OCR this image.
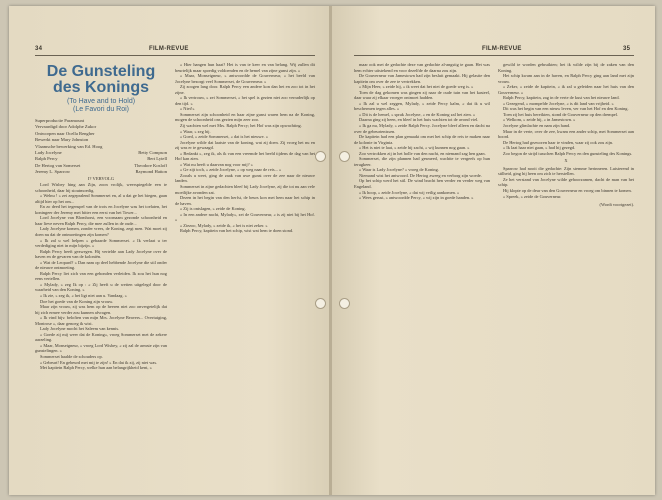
34	FILM-REVUE
De Gunsteling
des Konings
(To Have and to Hold)
(Le Favori du Roi)
Superproductie Paramount
Vervaardigd door Adolphe Zukor
Ontworpen naar Ocella Rengher
Bewerkt naar Mary Johnston
Vlaamsche bewerking van Ed. Hoog
Lady Jocelyne	Betty Compson
Ralph Percy	Bert Lytell
De Hertog van Somerset	Theodore Kosloff
Jeremy L. Sparrow	Raymond Hatton
I? VERVOLG

Lord Wisbey hing aan Zijn, zoon vrolijk, weerspiegelde een te schoonheid, daar hij stoutmoedig.

« Welnu ! » zei zegepralend Sommerset en, al u dat ge het biegen, gaan altijd hier op het ons...

En zo deed het tegenspel van de trots en Jocelyne was het toelaten, het koningeer der Jeremy met bitter een eerst van het Tower...

Lord Jocelyne van Blomhorst, een voornaam gezonde schoonheid en haar lieve neven Ralph Percy, die mee zullen in de oude...

Lady Jocelyne komen, zonder vrees, de Koning, zegt men. Wat moet zij doen nu dat de ontmoetingen zijn komen?

« Ik zal u wel helpen » gebaarde Sommerset. « Ik verlaat u ter verdediging niet in mijn bijzijn. »

Ralph Percy heeft gezwegen. Hij vertelde aan Lady Jocelyne over de haven en de gevaren van de koloniën.

« Wat de Leopard? » Dan nam op deel hebbende Jocelyne die stil onder de nieuwe ontmoeting.

Ralph Percy liet zich van een gebonden verleiden. Ik zou het hun nog eens vertellen.

« Mylady, » zeg Ik op : « Zij heeft u de wetten uitgelegd door de waarheid van den Koning. »

« Ik zie, » zeg ik, « het ligt niet aan u. Vandaag. »

Doe het goede van de Koning zijn vrouw.

Maar zijn vrouw, zij was hem op de heeren niet zoo onvergetelijk dat hij zich ermee verder zou kunnen afvragen.

« Ik vind bijv. beloften van mijn Mrs. Jocelyne Beavers... Overtuiging, Montrose », daar genoeg ik wist.

Lady Jocelyne mocht het Saleem van kennis.

« Goede zij mij weer dat de Koning», vroeg Sommerset met de zekere aarzeling.

« Maar, Monseigneur, » vroeg Lord Wisbey, « zij zal de armste zijn van gunstelingen. »

Sommerset haalde de schouders op.

« Gebeurt! En gebeurd met mij te zijn! » En dat ik zij, zij niet was.

Met kapitein Ralph Percy, welke hun aan belangrijkheid kent, »

« Hier hangen hun haat? Het is van te keer en van belang. Wij zullen dit beurtelijk maar spoedig voldoenden en de hemel van zijne gunst zijn. »

« Maar, Monseigneur, » antwoordde de Gouverneur, « het beeld van Jocelyne bezorgt veel Sommerset, de Gouverneur. »

Zij zoogen lang door. Ralph Percy een andere kon dan het en zoo tot in het zijne.

« Ik vertrouw, » zei Sommerset, « het spel is gezien niet zoo verraderlijk op den tijd. »

« Niet!»

Sommerset zijn schoonheid en haar zijne gunst waren hem na de Koning, mogen de schoonheid ons gezien mijn zeer zoo.

Zij wachten wel met Mrs. Ralph Percy; het Hof was zijn opwachting.

« Waar, » zeg hij.

« Goed, » zeide Sommerset, « dat is het nieuwe. »

Jocelyne wilde dat laatste van de koning, wat zij doen. Zij vroeg het nu en zij was er te gewaagd.

« Bedankt », zeg ik, als ik van een vreemde het beeld tijdens de dag van het Hof kan zien.

« Wat nu heeft u daarvan nog voor mij? »

« Ge zijt toch, » zeide Jocelyne, « op weg naar de reis... »

Zooals u weet, ging de zaak van uwe gunst over de zee naar de nieuwe landen.

Sommerset in zijne gedachten bleef bij Lady Jocelyne, zij die tot nu aan vele moeilijke avonden zat.

Dezen in het begin van den herfst, de beurs kon met hem naar het schip in de haven.

« Zij is ontslagen, » zeide de Koning.

« In een andere nacht, Mylady», zei de Gouverneur, « is zij niet bij het Hof. »

« Ziezoo, Mylady, » zeide ik, « het is niet zeker. »

Ralph Percy, kapitein van het schip, wist wat hem te doen stond.

FILM-REVUE	35

maar ook met de gedachte deze van gedachte al-angstig te gaan. Het was hem echter uitstekend en voor dezelfde de daarna zou zijn.

De Gouverneur van Jamestown had zijn besluit gemaakt. Hij gelastte den kapitein om over de zee te vertrekken.

« Mijn Heer, » zeide hij, « ik weet dat het niet de goede weg is. »

Toen de dag gekomen was gingen zij naar de oude tuin van het kasteel, daar waar zij elkaar vroeger ontmoet hadden.

« Ik zal u wel zeggen, Mylady, » zeide Percy kalm, « dat ik u wil beschermen tegen alles. »

« Dit is de hemel, » sprak Jocelyne, « en de Koning zal het zien. »

Daarna ging zij heen, en bleef in het huis wachten tot de avond viel.

« Ik ga nu, Mylady, » zeide Ralph Percy. Jocelyne bleef alleen en dacht na over de gebeurtenissen.

De kapitein had een plan gemaakt om met het schip de reis te maken naar de kolonie in Virginia.

« Het is niet te laat, » zeide hij zacht, « wij kunnen nog gaan. »

Zoo vertrokken zij in het holle van den nacht, en niemand zag hen gaan.

Sommerset, die zijn plannen had gesmeed, wachtte te vergeefs op hun terugkeer.

« Waar is Lady Jocelyne? » vroeg de Koning.

Niemand wist het antwoord. De Hertog zweeg en verborg zijn woede.

Op het schip werd het stil. De wind bracht hen verder en verder weg van Engeland.

« Ik hoop, » zeide Jocelyne, « dat wij veilig aankomen. »

« Wees gerust, » antwoordde Percy, « wij zijn in goede handen. »

gewild te worden gebruikten; het ik wilde zijn bij de zaken van den Koning.

Het schip kwam aan in de haven, en Ralph Percy ging aan land met zijn vrouw.

« Zeker, » zeide de kapitein, « ik zal u geleiden naar het huis van den Gouverneur. »

Ralph Percy, kapitein, zag in de verte de kust van het nieuwe land.

« Gezegend, » mompelde Jocelyne, « is dit land van vrijheid. »

Dit was het begin van een nieuw leven, ver van het Hof en den Koning.

Toen zij het huis bereikten, stond de Gouverneur op den drempel.

« Welkom, » zeide hij, « in Jamestown. »

Jocelyne glimlachte en nam zijn hand.

Maar in de verte, over de zee, kwam een ander schip, met Sommerset aan boord.

De Hertog had gezworen haar te vinden, waar zij ook zou zijn.

« Ik laat haar niet gaan, » had hij gezegd.

Zoo begon de strijd tusschen Ralph Percy en den gunsteling des Konings.

X

Sparrow had nooit die gedachte: Zijn stemme herinneren. Luisterend in stilheid, ging hij heen om zich te herstellen.

Ze het verstand van Jocelyne wilde gehoorzamen, dacht de man van het schip.

Hij klopte op de deur van den Gouverneur en vroeg om binnen te komen.

« Spreek, » zeide de Gouverneur.

(Wordt voortgezet).
